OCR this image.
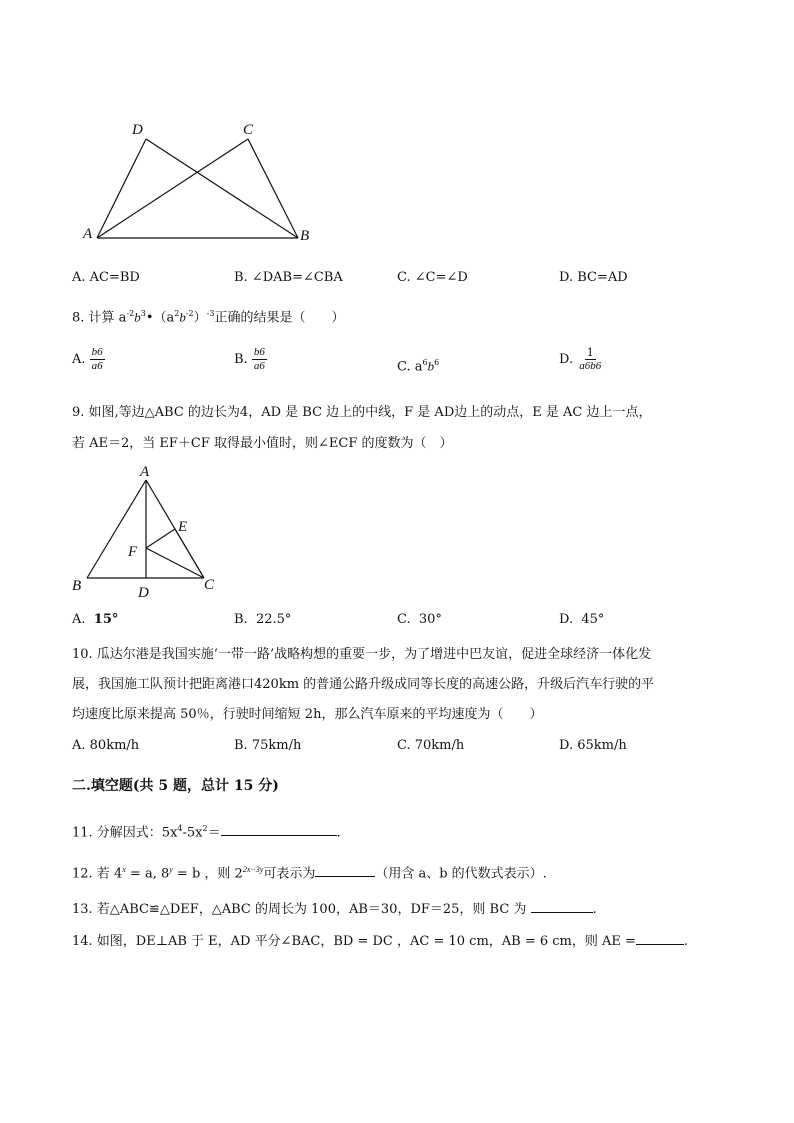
D	C
A	B
A. AC=BD	B. ∠DAB=∠CBA	C. ∠C=∠D	D. BC=AD
8. 计算 $a^{-2}b^3•(a^2b^{-2})^{-3}$正确的结果是（　　）
A. $\frac{b6}{a6}$	B. $\frac{b6}{a6}$	C. $a^6b^6$	D. $\frac{1}{a6b6}$
9. 如图,等边△ABC 的边长为4，AD 是 BC 边上的中线，F 是 AD边上的动点，E 是 AC 边上一点，
若 AE＝2，当 EF＋CF 取得最小值时，则∠ECF 的度数为（　）
A
E
F
B	D	C
A. 15°	B. 22.5°	C. 30°	D. 45°
10. 瓜达尔港是我国实施‘一带一路’战略构想的重要一步，为了增进中巴友谊，促进全球经济一体化发
展，我国施工队预计把距离港口420km 的普通公路升级成同等长度的高速公路，升级后汽车行驶的平
均速度比原来提高 50％，行驶时间缩短 2h，那么汽车原来的平均速度为（　　）
A. 80km/h	B. 75km/h	C. 70km/h	D. 65km/h
二.填空题(共 5 题，总计 15 分)
11. 分解因式：$5x^4-5x^2=$	.
12. 若 $4^x = a$, $8^y = b$ ，则 $2^{2x-3y}$可表示为	（用含 a、b 的代数式表示）.
13. 若△ABC≌△DEF，△ABC 的周长为 100，AB＝30，DF＝25，则 BC 为	.
14. 如图，DE⊥AB 于 E，AD 平分∠BAC，BD = DC ，AC = 10 cm，AB = 6 cm，则 AE =	.
